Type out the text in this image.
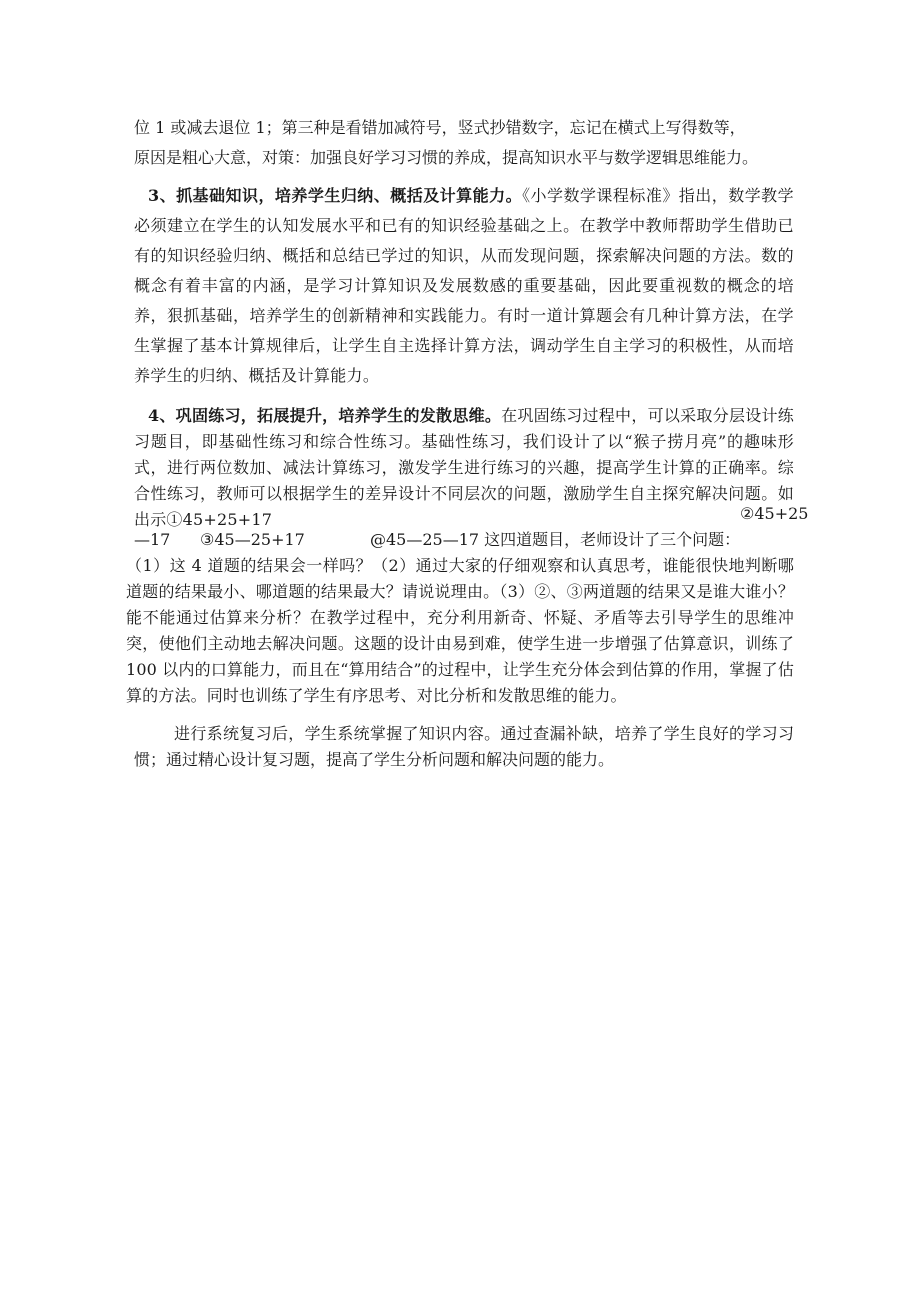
位 1 或减去退位 1；第三种是看错加减符号，竖式抄错数字，忘记在横式上写得数等，
原因是粗心大意，对策：加强良好学习习惯的养成，提高知识水平与数学逻辑思维能力。

3、抓基础知识，培养学生归纳、概括及计算能力。《小学数学课程标准》指出，数学教学必须建立在学生的认知发展水平和已有的知识经验基础之上。在教学中教师帮助学生借助已有的知识经验归纳、概括和总结已学过的知识，从而发现问题，探索解决问题的方法。数的概念有着丰富的内涵，是学习计算知识及发展数感的重要基础，因此要重视数的概念的培养，狠抓基础，培养学生的创新精神和实践能力。有时一道计算题会有几种计算方法，在学生掌握了基本计算规律后，让学生自主选择计算方法，调动学生自主学习的积极性，从而培养学生的归纳、概括及计算能力。

4、巩固练习，拓展提升，培养学生的发散思维。在巩固练习过程中，可以采取分层设计练习题目，即基础性练习和综合性练习。基础性练习，我们设计了以“猴子捞月亮”的趣味形式，进行两位数加、减法计算练习，激发学生进行练习的兴趣，提高学生计算的正确率。综合性练习，教师可以根据学生的差异设计不同层次的问题，激励学生自主探究解决问题。如出示①45+25+17	②45+25
—17 ③45—25+17	@45—25—17 这四道题目，老师设计了三个问题：
（1）这 4 道题的结果会一样吗？（2）通过大家的仔细观察和认真思考，谁能很快地判断哪道题的结果最小、哪道题的结果最大？请说说理由。（3）②、③两道题的结果又是谁大谁小？能不能通过估算来分析？在教学过程中，充分利用新奇、怀疑、矛盾等去引导学生的思维冲突，使他们主动地去解决问题。这题的设计由易到难，使学生进一步增强了估算意识，训练了 100 以内的口算能力，而且在“算用结合”的过程中，让学生充分体会到估算的作用，掌握了估算的方法。同时也训练了学生有序思考、对比分析和发散思维的能力。
进行系统复习后，学生系统掌握了知识内容。通过查漏补缺，培养了学生良好的学习习惯；通过精心设计复习题，提高了学生分析问题和解决问题的能力。
